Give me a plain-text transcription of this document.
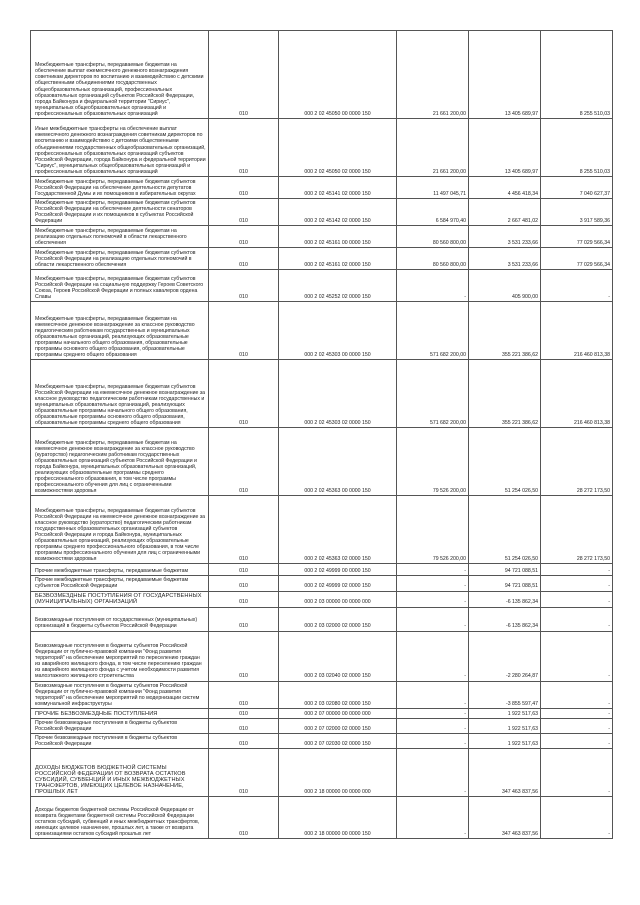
Межбюджетные трансферты, передаваемые бюджетам на обеспечение выплат ежемесячного денежного вознаграждения советникам директоров по воспитанию и взаимодействию с детскими общественными объединениями государственных общеобразовательных организаций, профессиональных образовательных организаций субъектов Российской Федерации, города Байконура и федеральной территории "Сириус", муниципальных общеобразовательных организаций и профессиональных образовательных организаций	010	000 2 02 45050 00 0000 150	21 661 200,00	13 405 689,97	8 255 510,03
Иные межбюджетные трансферты на обеспечение выплат ежемесячного денежного вознаграждения советникам директоров по воспитанию и взаимодействию с детскими общественными объединениями государственных общеобразовательных организаций, профессиональных образовательных организаций субъектов Российской Федерации, города Байконура и федеральной территории "Сириус", муниципальных общеобразовательных организаций и профессиональных образовательных организаций	010	000 2 02 45050 02 0000 150	21 661 200,00	13 405 689,97	8 255 510,03
Межбюджетные трансферты, передаваемые бюджетам субъектов Российской Федерации на обеспечение деятельности депутатов Государственной Думы и их помощников в избирательных округах	010	000 2 02 45141 02 0000 150	11 497 045,71	4 456 418,34	7 040 627,37
Межбюджетные трансферты, передаваемые бюджетам субъектов Российской Федерации на обеспечение деятельности сенаторов Российской Федерации и их помощников в субъектах Российской Федерации	010	000 2 02 45142 02 0000 150	6 584 970,40	2 667 481,02	3 917 589,36
Межбюджетные трансферты, передаваемые бюджетам на реализацию отдельных полномочий в области лекарственного обеспечения	010	000 2 02 45161 00 0000 150	80 560 800,00	3 531 233,66	77 029 566,34
Межбюджетные трансферты, передаваемые бюджетам субъектов Российской Федерации на реализацию отдельных полномочий в области лекарственного обеспечения	010	000 2 02 45161 02 0000 150	80 560 800,00	3 531 233,66	77 029 566,34
Межбюджетные трансферты, передаваемые бюджетам субъектов Российской Федерации на социальную поддержку Героев Советского Союза, Героев Российской Федерации и полных кавалеров ордена Славы	010	000 2 02 45252 02 0000 150	-	405 900,00	-
Межбюджетные трансферты, передаваемые бюджетам на ежемесячное денежное вознаграждение за классное руководство педагогическим работникам государственных и муниципальных образовательных организаций, реализующих образовательные программы начального общего образования, образовательные программы основного общего образования, образовательные программы среднего общего образования	010	000 2 02 45303 00 0000 150	571 682 200,00	355 221 386,62	216 460 813,38
Межбюджетные трансферты, передаваемые бюджетам субъектов Российской Федерации на ежемесячное денежное вознаграждение за классное руководство педагогическим работникам государственных и муниципальных образовательных организаций, реализующих образовательные программы начального общего образования, образовательные программы основного общего образования, образовательные программы среднего общего образования	010	000 2 02 45303 02 0000 150	571 682 200,00	355 221 386,62	216 460 813,38
Межбюджетные трансферты, передаваемые бюджетам на ежемесячное денежное вознаграждение за классное руководство (кураторство) педагогическим работникам государственных образовательных организаций субъектов Российской Федерации и города Байконура, муниципальных образовательных организаций, реализующих образовательные программы среднего профессионального образования, в том числе программы профессионального обучения для лиц с ограниченными возможностями здоровья	010	000 2 02 45363 00 0000 150	79 526 200,00	51 254 026,50	28 272 173,50
Межбюджетные трансферты, передаваемые бюджетам субъектов Российской Федерации на ежемесячное денежное вознаграждение за классное руководство (кураторство) педагогическим работникам государственных образовательных организаций субъектов Российской Федерации и города Байконура, муниципальных образовательных организаций, реализующих образовательные программы среднего профессионального образования, в том числе программы профессионального обучения для лиц с ограниченными возможностями здоровья	010	000 2 02 45363 02 0000 150	79 526 200,00	51 254 026,50	28 272 173,50
Прочие межбюджетные трансферты, передаваемые бюджетам	010	000 2 02 49999 00 0000 150	-	94 721 088,51	-
Прочие межбюджетные трансферты, передаваемые бюджетам субъектов Российской Федерации	010	000 2 02 49999 02 0000 150	-	94 721 088,51	-
БЕЗВОЗМЕЗДНЫЕ ПОСТУПЛЕНИЯ ОТ ГОСУДАРСТВЕННЫХ (МУНИЦИПАЛЬНЫХ) ОРГАНИЗАЦИЙ	010	000 2 03 00000 00 0000 000	-	-6 135 862,34	-
Безвозмездные поступления от государственных (муниципальных) организаций в бюджеты субъектов Российской Федерации	010	000 2 03 02000 02 0000 150	-	-6 135 862,34	-
Безвозмездные поступления в бюджеты субъектов Российской Федерации от публично-правовой компании "Фонд развития территорий" на обеспечение мероприятий по переселению граждан из аварийного жилищного фонда, в том числе переселению граждан из аварийного жилищного фонда с учетом необходимости развития малоэтажного жилищного строительства	010	000 2 03 02040 02 0000 150	-	-2 280 264,87	-
Безвозмездные поступления в бюджеты субъектов Российской Федерации от публично-правовой компании "Фонд развития территорий" на обеспечение мероприятий по модернизации систем коммунальной инфраструктуры	010	000 2 03 02080 02 0000 150	-	-3 855 597,47	-
ПРОЧИЕ БЕЗВОЗМЕЗДНЫЕ ПОСТУПЛЕНИЯ	010	000 2 07 00000 00 0000 000	-	1 922 517,63	-
Прочие безвозмездные поступления в бюджеты субъектов Российской Федерации	010	000 2 07 02000 02 0000 150	-	1 922 517,63	-
Прочие безвозмездные поступления в бюджеты субъектов Российской Федерации	010	000 2 07 02030 02 0000 150	-	1 922 517,63	-
ДОХОДЫ БЮДЖЕТОВ БЮДЖЕТНОЙ СИСТЕМЫ РОССИЙСКОЙ ФЕДЕРАЦИИ ОТ ВОЗВРАТА ОСТАТКОВ СУБСИДИЙ, СУБВЕНЦИЙ И ИНЫХ МЕЖБЮДЖЕТНЫХ ТРАНСФЕРТОВ, ИМЕЮЩИХ ЦЕЛЕВОЕ НАЗНАЧЕНИЕ, ПРОШЛЫХ ЛЕТ	010	000 2 18 00000 00 0000 000	-	347 463 837,56	-
Доходы бюджетов бюджетной системы Российской Федерации от возврата бюджетами бюджетной системы Российской Федерации остатков субсидий, субвенций и иных межбюджетных трансфертов, имеющих целевое назначение, прошлых лет, а также от возврата организациями остатков субсидий прошлых лет	010	000 2 18 00000 00 0000 150	-	347 463 837,56	-
